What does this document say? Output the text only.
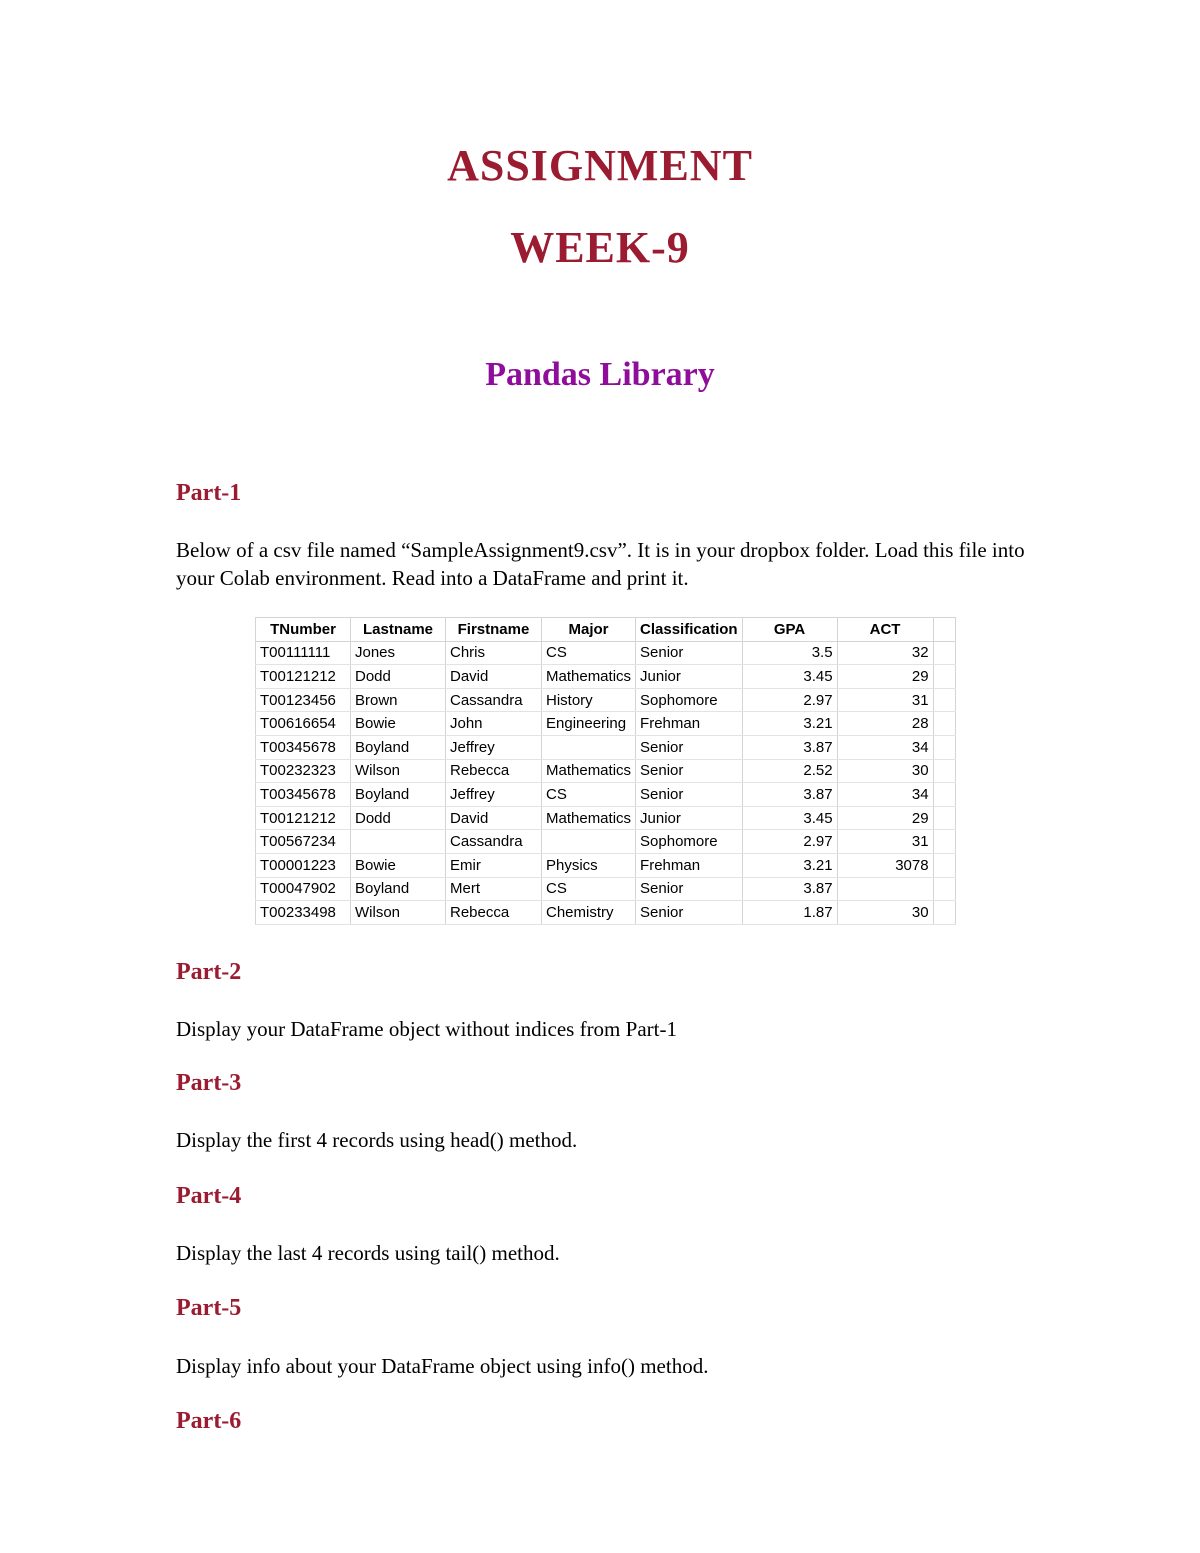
ASSIGNMENT
WEEK-9
Pandas Library
Part-1

Below of a csv file named “SampleAssignment9.csv”. It is in your dropbox folder. Load this file into your Colab environment. Read into a DataFrame and print it.

TNumber	Lastname	Firstname	Major	Classification	GPA	ACT	
T00111111	Jones	Chris	CS	Senior	3.5	32	
T00121212	Dodd	David	Mathematics	Junior	3.45	29	
T00123456	Brown	Cassandra	History	Sophomore	2.97	31	
T00616654	Bowie	John	Engineering	Frehman	3.21	28	
T00345678	Boyland	Jeffrey		Senior	3.87	34	
T00232323	Wilson	Rebecca	Mathematics	Senior	2.52	30	
T00345678	Boyland	Jeffrey	CS	Senior	3.87	34	
T00121212	Dodd	David	Mathematics	Junior	3.45	29	
T00567234		Cassandra		Sophomore	2.97	31	
T00001223	Bowie	Emir	Physics	Frehman	3.21	3078	
T00047902	Boyland	Mert	CS	Senior	3.87		
T00233498	Wilson	Rebecca	Chemistry	Senior	1.87	30	
Part-2

Display your DataFrame object without indices from Part-1

Part-3

Display the first 4 records using head() method.

Part-4

Display the last 4 records using tail() method.

Part-5

Display info about your DataFrame object using info() method.

Part-6
